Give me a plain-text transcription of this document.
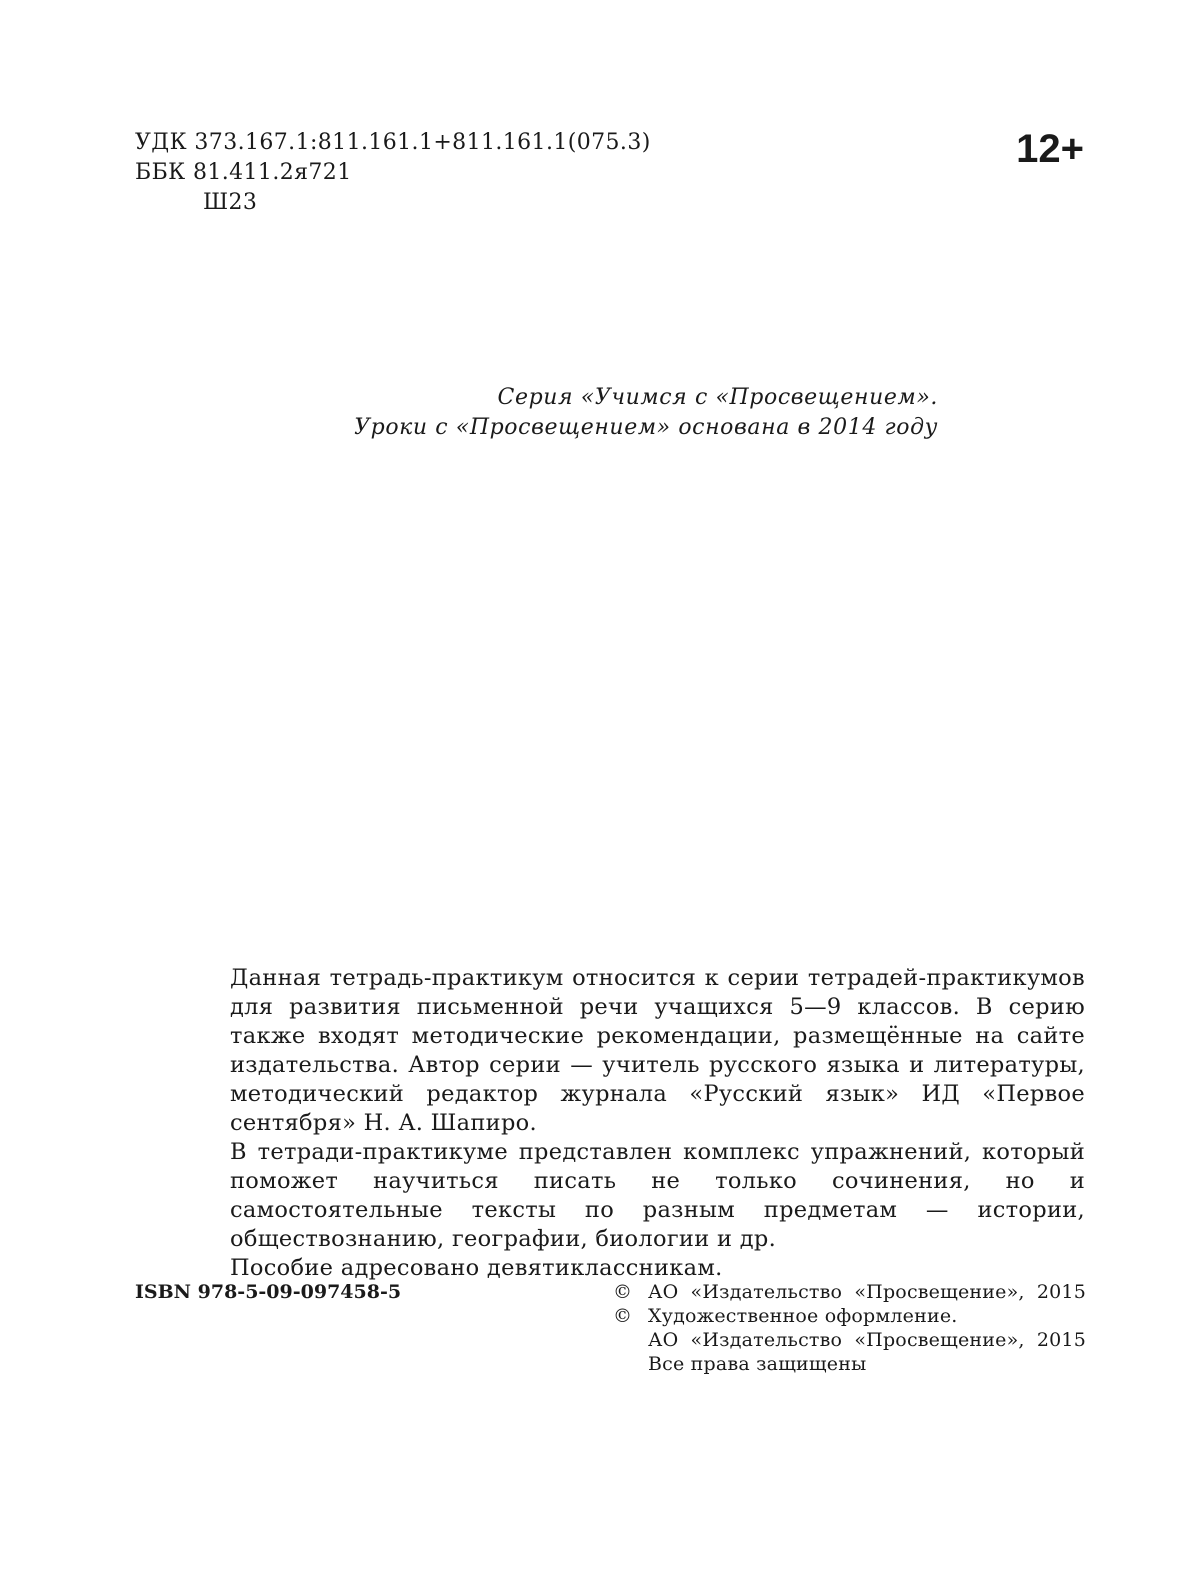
УДК 373.167.1:811.161.1+811.161.1(075.3)
ББК 81.411.2я721
Ш23
12+
Серия «Учимся с «Просвещением».
Уроки с «Просвещением» основана в 2014 году

Данная тетрадь-практикум относится к серии тетрадей-практикумов для развития письменной речи учащихся 5—9 классов. В серию также входят методические рекомендации, размещённые на сайте издательства. Автор серии — учитель русского языка и литературы, методический редактор журнала «Русский язык» ИД «Первое сентября» Н. А. Шапиро.

В тетради-практикуме представлен комплекс упражнений, который поможет научиться писать не только сочинения, но и самостоятельные тексты по разным предметам — истории, обществознанию, географии, биологии и др.

Пособие адресовано девятиклассникам.

ISBN 978-5-09-097458-5	© АО «Издательство «Просвещение», 2015
© Художественное оформление.
АО «Издательство «Просвещение», 2015
Все права защищены
